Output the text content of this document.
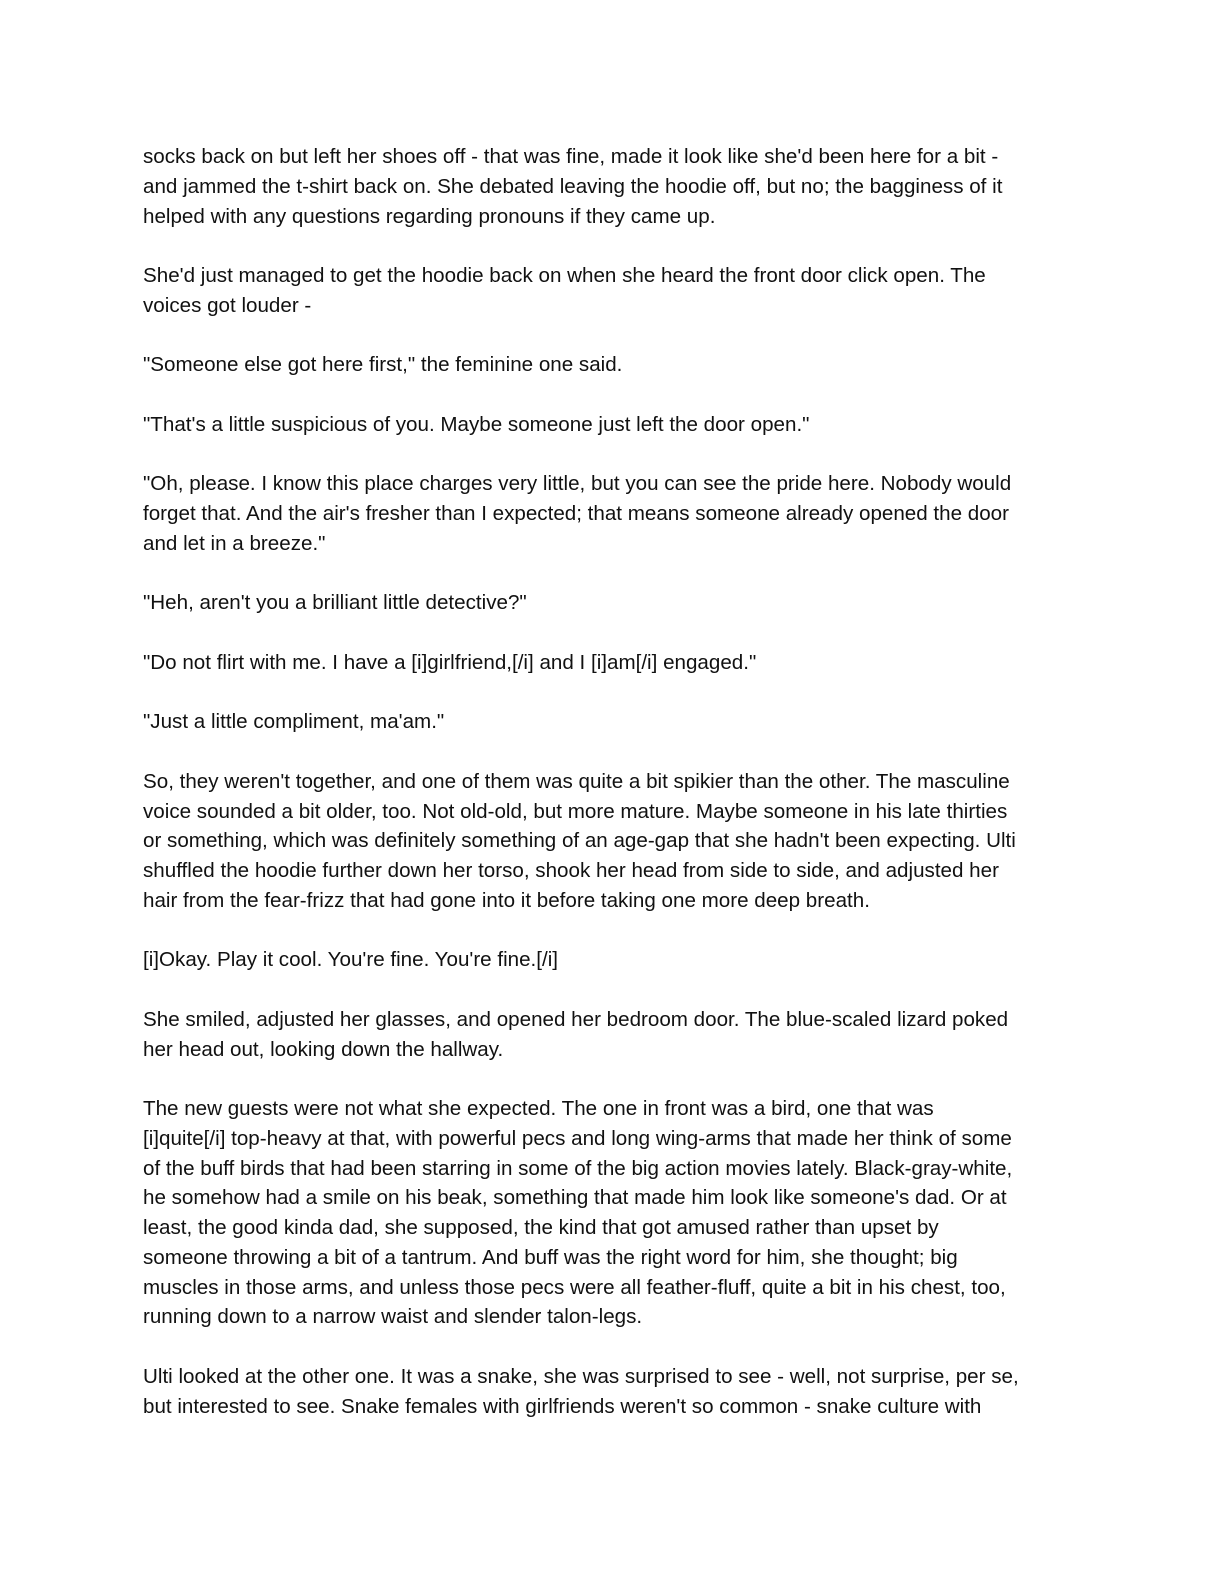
socks back on but left her shoes off - that was fine, made it look like she'd been here for a bit -
and jammed the t-shirt back on. She debated leaving the hoodie off, but no; the bagginess of it
helped with any questions regarding pronouns if they came up.

She'd just managed to get the hoodie back on when she heard the front door click open. The
voices got louder -

"Someone else got here first," the feminine one said.

"That's a little suspicious of you. Maybe someone just left the door open."

"Oh, please. I know this place charges very little, but you can see the pride here. Nobody would
forget that. And the air's fresher than I expected; that means someone already opened the door
and let in a breeze."

"Heh, aren't you a brilliant little detective?"

"Do not flirt with me. I have a [i]girlfriend,[/i] and I [i]am[/i] engaged."

"Just a little compliment, ma'am."

So, they weren't together, and one of them was quite a bit spikier than the other. The masculine
voice sounded a bit older, too. Not old-old, but more mature. Maybe someone in his late thirties
or something, which was definitely something of an age-gap that she hadn't been expecting. Ulti
shuffled the hoodie further down her torso, shook her head from side to side, and adjusted her
hair from the fear-frizz that had gone into it before taking one more deep breath.

[i]Okay. Play it cool. You're fine. You're fine.[/i]

She smiled, adjusted her glasses, and opened her bedroom door. The blue-scaled lizard poked
her head out, looking down the hallway.

The new guests were not what she expected. The one in front was a bird, one that was
[i]quite[/i] top-heavy at that, with powerful pecs and long wing-arms that made her think of some
of the buff birds that had been starring in some of the big action movies lately. Black-gray-white,
he somehow had a smile on his beak, something that made him look like someone's dad. Or at
least, the good kinda dad, she supposed, the kind that got amused rather than upset by
someone throwing a bit of a tantrum. And buff was the right word for him, she thought; big
muscles in those arms, and unless those pecs were all feather-fluff, quite a bit in his chest, too,
running down to a narrow waist and slender talon-legs.

Ulti looked at the other one. It was a snake, she was surprised to see - well, not surprise, per se,
but interested to see. Snake females with girlfriends weren't so common - snake culture with
